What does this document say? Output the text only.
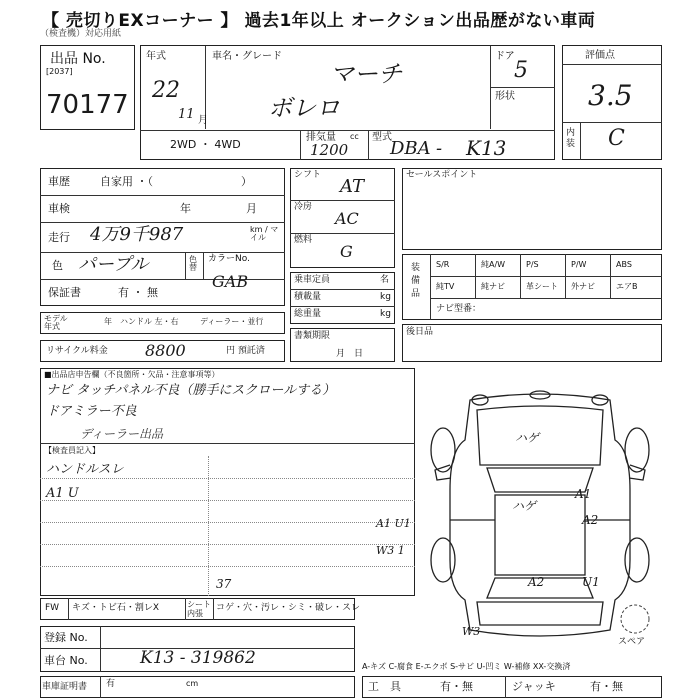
【 売切りEXコーナー 】 過去1年以上 オークション出品歴がない車両
（検査機）対応用紙
出品 No.
[2037]
70177
年式
22
11 月
2WD ・ 4WD
車名・グレード
マーチ
ボレロ
排気量 cc
1200
型式
DBA - K13
ドア
5
形状
評価点
3.5
内装 C
車歴	自家用 ・（　　　　　　　　）
車検	年　　　　　月
走行 4万9千987	km / マイル
色 パープル	色替
カラーNo.
GAB
保証書	有 ・ 無
モデル年式
年 ハンドル 左・右	ディーラー・並行
リサイクル料金 8800	円 預託済
シフト
AT
冷房
AC
燃料
G
乗車定員	名
積載量	kg
総重量	kg
書類期限
月　日
セールスポイント
装備品
S/R	純A/W	P/S	P/W	ABS
純TV	純ナビ	革シート 外ナビ	エアB
ナビ型番：
後日品
■出品店申告欄（不良箇所・欠品・注意事項等）
ナビ タッチパネル不良（勝手にスクロールする）
ドアミラー不良
ディーラー出品
【検査員記入】
ハンドルスレ
A1 U
37
FW キズ・トビ石・割レX	シート内張
コゲ・穴・汚レ・シミ・破レ・スレ
ハゲ
ハゲ
A1
A2
A1 U1
W3 1
A2	U1
W3
スペア
登録 No.
車台 No.	K13 - 319862	A-キズ C-腐食 E-エクボ S-サビ U-凹ミ W-補修 XX-交換済
車庫証明書 有	cm	工　具	有・無	ジャッキ	有・無
